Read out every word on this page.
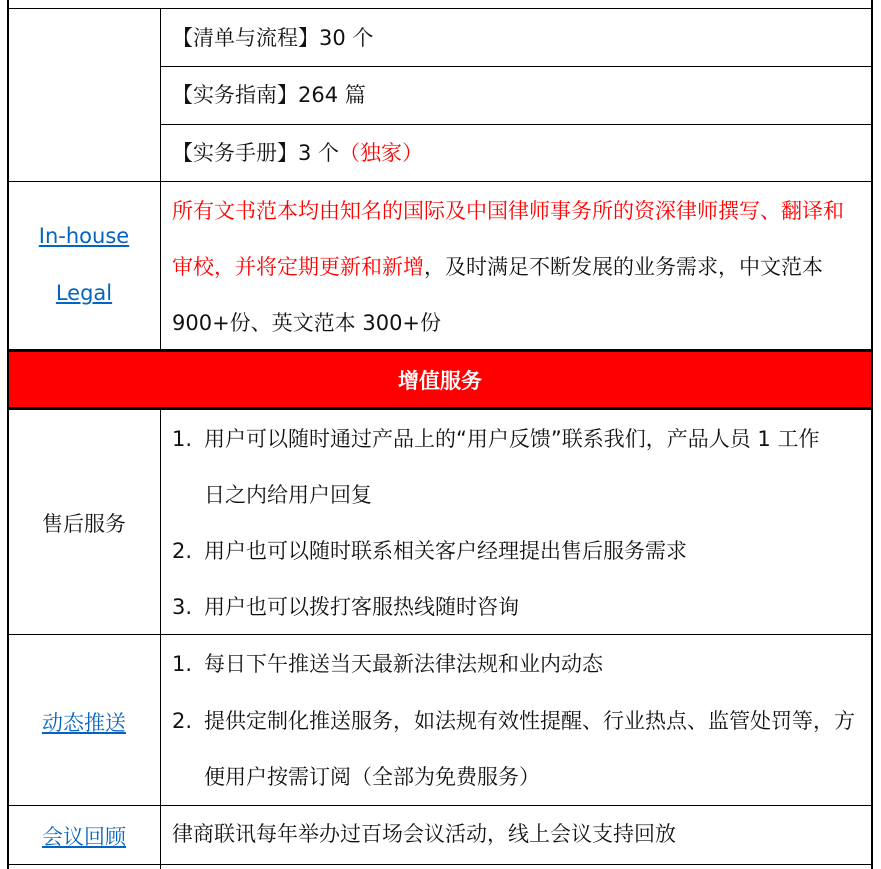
【清单与流程】30 个
【实务指南】264 篇
【实务手册】3 个（独家）
In-house
Legal
所有文书范本均由知名的国际及中国律师事务所的资深律师撰写、翻译和
审校，并将定期更新和新增，及时满足不断发展的业务需求，中文范本
900+份、英文范本 300+份
增值服务
售后服务
1. 用户可以随时通过产品上的“用户反馈”联系我们，产品人员 1 工作
日之内给用户回复
2. 用户也可以随时联系相关客户经理提出售后服务需求
3. 用户也可以拨打客服热线随时咨询
动态推送
1. 每日下午推送当天最新法律法规和业内动态
2. 提供定制化推送服务，如法规有效性提醒、行业热点、监管处罚等，方
便用户按需订阅（全部为免费服务）
会议回顾	律商联讯每年举办过百场会议活动，线上会议支持回放
